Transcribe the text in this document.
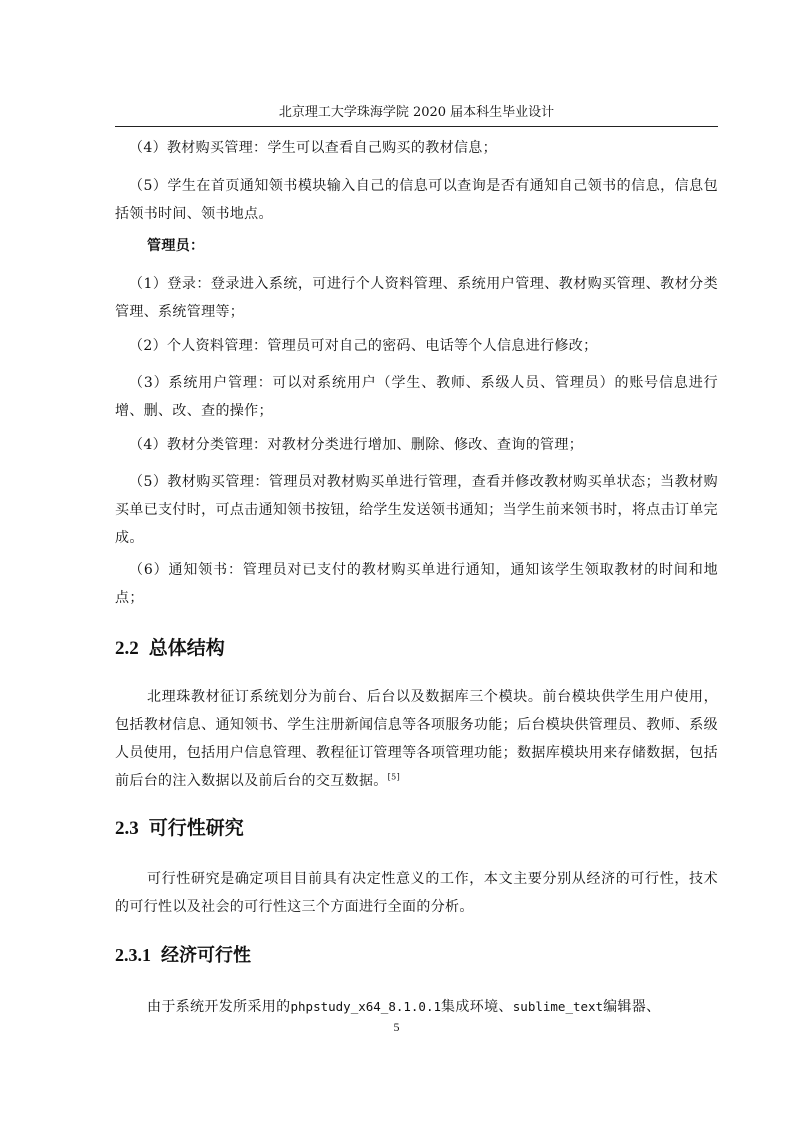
北京理工大学珠海学院 2020 届本科生毕业设计

（4）教材购买管理：学生可以查看自己购买的教材信息；

（5）学生在首页通知领书模块输入自己的信息可以查询是否有通知自己领书的信息，信息包括领书时间、领书地点。

管理员：

（1）登录：登录进入系统，可进行个人资料管理、系统用户管理、教材购买管理、教材分类管理、系统管理等；

（2）个人资料管理：管理员可对自己的密码、电话等个人信息进行修改；

（3）系统用户管理：可以对系统用户（学生、教师、系级人员、管理员）的账号信息进行增、删、改、查的操作；

（4）教材分类管理：对教材分类进行增加、删除、修改、查询的管理；

（5）教材购买管理：管理员对教材购买单进行管理，查看并修改教材购买单状态；当教材购买单已支付时，可点击通知领书按钮，给学生发送领书通知；当学生前来领书时，将点击订单完成。

（6）通知领书：管理员对已支付的教材购买单进行通知，通知该学生领取教材的时间和地点；

2.2 总体结构

北理珠教材征订系统划分为前台、后台以及数据库三个模块。前台模块供学生用户使用，包括教材信息、通知领书、学生注册新闻信息等各项服务功能；后台模块供管理员、教师、系级人员使用，包括用户信息管理、教程征订管理等各项管理功能；数据库模块用来存储数据，包括前后台的注入数据以及前后台的交互数据。[5]

2.3 可行性研究

可行性研究是确定项目目前具有决定性意义的工作，本文主要分别从经济的可行性，技术的可行性以及社会的可行性这三个方面进行全面的分析。

2.3.1 经济可行性

由于系统开发所采用的phpstudy_x64_8.1.0.1集成环境、sublime_text编辑器、

5
